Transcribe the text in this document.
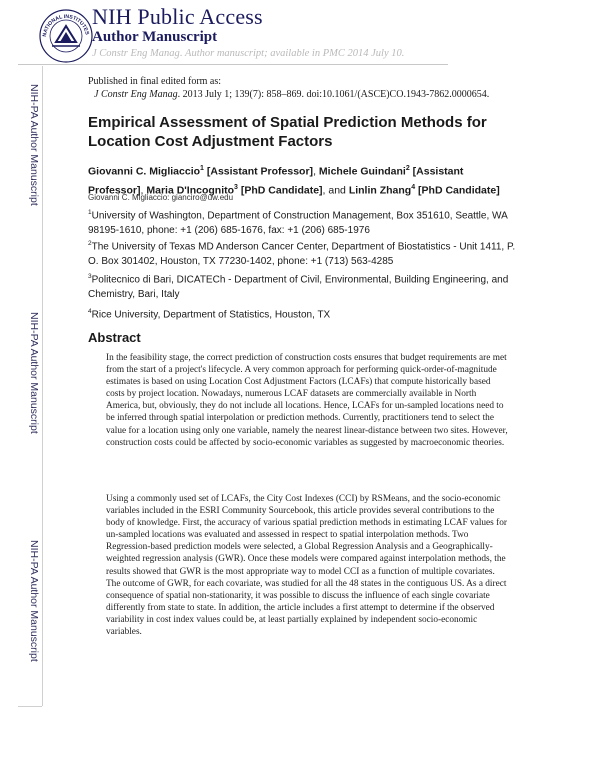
NATIONAL INSTITUTES
NIH Public Access
Author Manuscript
J Constr Eng Manag. Author manuscript; available in PMC 2014 July 10.
NIH-PA Author Manuscript
NIH-PA Author Manuscript
NIH-PA Author Manuscript
Published in final edited form as:
J Constr Eng Manag. 2013 July 1; 139(7): 858–869. doi:10.1061/(ASCE)CO.1943-7862.0000654.
Empirical Assessment of Spatial Prediction Methods for Location Cost Adjustment Factors
Giovanni C. Migliaccio$^1$ [Assistant Professor], Michele Guindani$^2$ [Assistant Professor], Maria D'Incognito$^3$ [PhD Candidate], and Linlin Zhang$^4$ [PhD Candidate]
Giovanni C. Migliaccio: gianciro@uw.edu
$^1$University of Washington, Department of Construction Management, Box 351610, Seattle, WA 98195-1610, phone: +1 (206) 685-1676, fax: +1 (206) 685-1976
$^2$The University of Texas MD Anderson Cancer Center, Department of Biostatistics - Unit 1411, P. O. Box 301402, Houston, TX 77230-1402, phone: +1 (713) 563-4285
$^3$Politecnico di Bari, DICATECh - Department of Civil, Environmental, Building Engineering, and Chemistry, Bari, Italy
$^4$Rice University, Department of Statistics, Houston, TX
Abstract
In the feasibility stage, the correct prediction of construction costs ensures that budget requirements are met from the start of a project's lifecycle. A very common approach for performing quick-order-of-magnitude estimates is based on using Location Cost Adjustment Factors (LCAFs) that compute historically based costs by project location. Nowadays, numerous LCAF datasets are commercially available in North America, but, obviously, they do not include all locations. Hence, LCAFs for un-sampled locations need to be inferred through spatial interpolation or prediction methods. Currently, practitioners tend to select the value for a location using only one variable, namely the nearest linear-distance between two sites. However, construction costs could be affected by socio-economic variables as suggested by macroeconomic theories.
Using a commonly used set of LCAFs, the City Cost Indexes (CCI) by RSMeans, and the socio-economic variables included in the ESRI Community Sourcebook, this article provides several contributions to the body of knowledge. First, the accuracy of various spatial prediction methods in estimating LCAF values for un-sampled locations was evaluated and assessed in respect to spatial interpolation methods. Two Regression-based prediction models were selected, a Global Regression Analysis and a Geographically-weighted regression analysis (GWR). Once these models were compared against interpolation methods, the results showed that GWR is the most appropriate way to model CCI as a function of multiple covariates. The outcome of GWR, for each covariate, was studied for all the 48 states in the contiguous US. As a direct consequence of spatial non-stationarity, it was possible to discuss the influence of each single covariate differently from state to state. In addition, the article includes a first attempt to determine if the observed variability in cost index values could be, at least partially explained by independent socio-economic variables.
